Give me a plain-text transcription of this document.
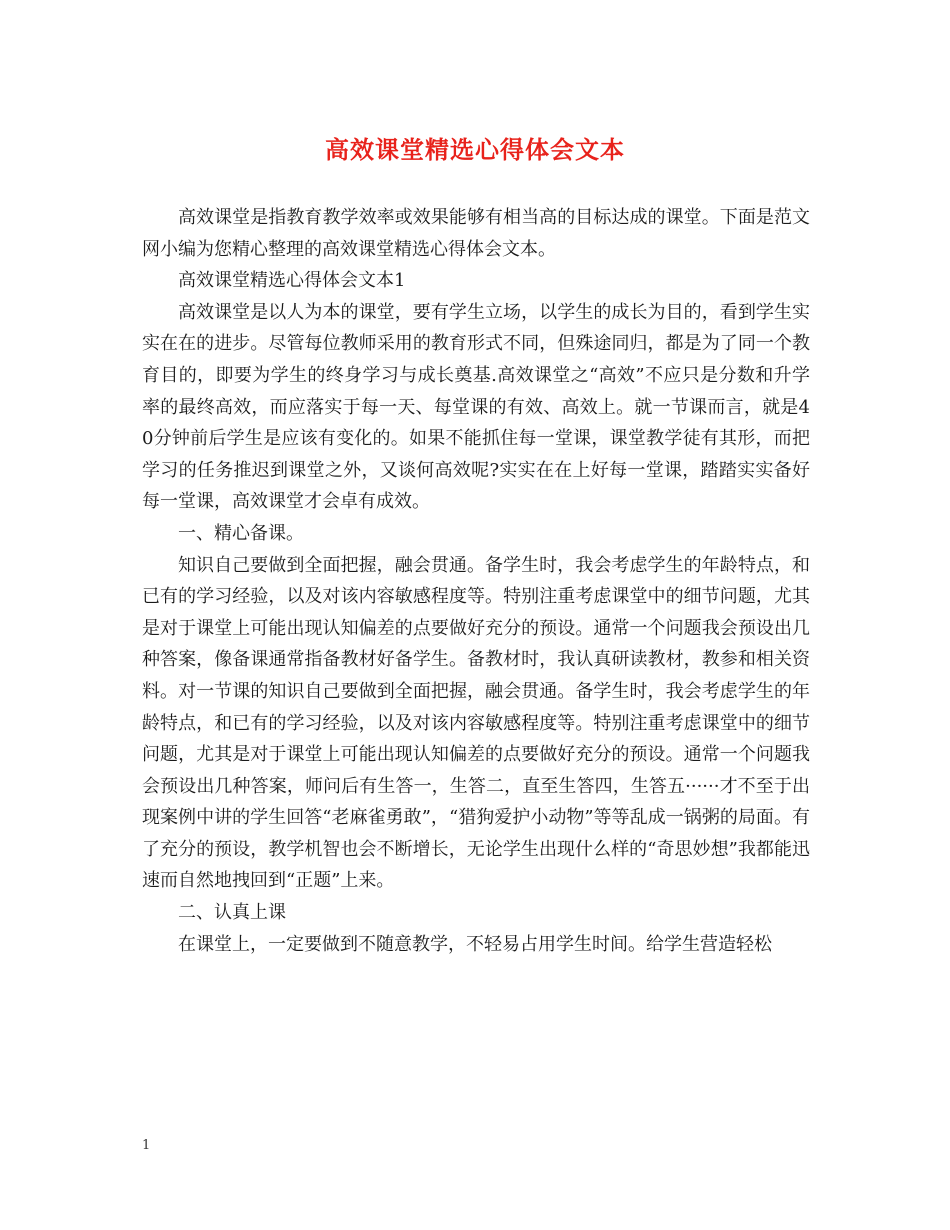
高效课堂精选心得体会文本

高效课堂是指教育教学效率或效果能够有相当高的目标达成的课堂。下面是范文网小编为您精心整理的高效课堂精选心得体会文本。

高效课堂精选心得体会文本1

高效课堂是以人为本的课堂，要有学生立场，以学生的成长为目的，看到学生实实在在的进步。尽管每位教师采用的教育形式不同，但殊途同归，都是为了同一个教育目的，即要为学生的终身学习与成长奠基.高效课堂之“高效”不应只是分数和升学率的最终高效，而应落实于每一天、每堂课的有效、高效上。就一节课而言，就是40分钟前后学生是应该有变化的。如果不能抓住每一堂课，课堂教学徒有其形，而把学习的任务推迟到课堂之外，又谈何高效呢?实实在在上好每一堂课，踏踏实实备好每一堂课，高效课堂才会卓有成效。

一、精心备课。

知识自己要做到全面把握，融会贯通。备学生时，我会考虑学生的年龄特点，和已有的学习经验，以及对该内容敏感程度等。特别注重考虑课堂中的细节问题，尤其是对于课堂上可能出现认知偏差的点要做好充分的预设。通常一个问题我会预设出几种答案，像备课通常指备教材好备学生。备教材时，我认真研读教材，教参和相关资料。对一节课的知识自己要做到全面把握，融会贯通。备学生时，我会考虑学生的年龄特点，和已有的学习经验，以及对该内容敏感程度等。特别注重考虑课堂中的细节问题，尤其是对于课堂上可能出现认知偏差的点要做好充分的预设。通常一个问题我会预设出几种答案，师问后有生答一，生答二，直至生答四，生答五······才不至于出现案例中讲的学生回答“老麻雀勇敢”，“猎狗爱护小动物”等等乱成一锅粥的局面。有了充分的预设，教学机智也会不断增长，无论学生出现什么样的“奇思妙想”我都能迅速而自然地拽回到“正题”上来。

二、认真上课

在课堂上，一定要做到不随意教学，不轻易占用学生时间。给学生营造轻松

1
